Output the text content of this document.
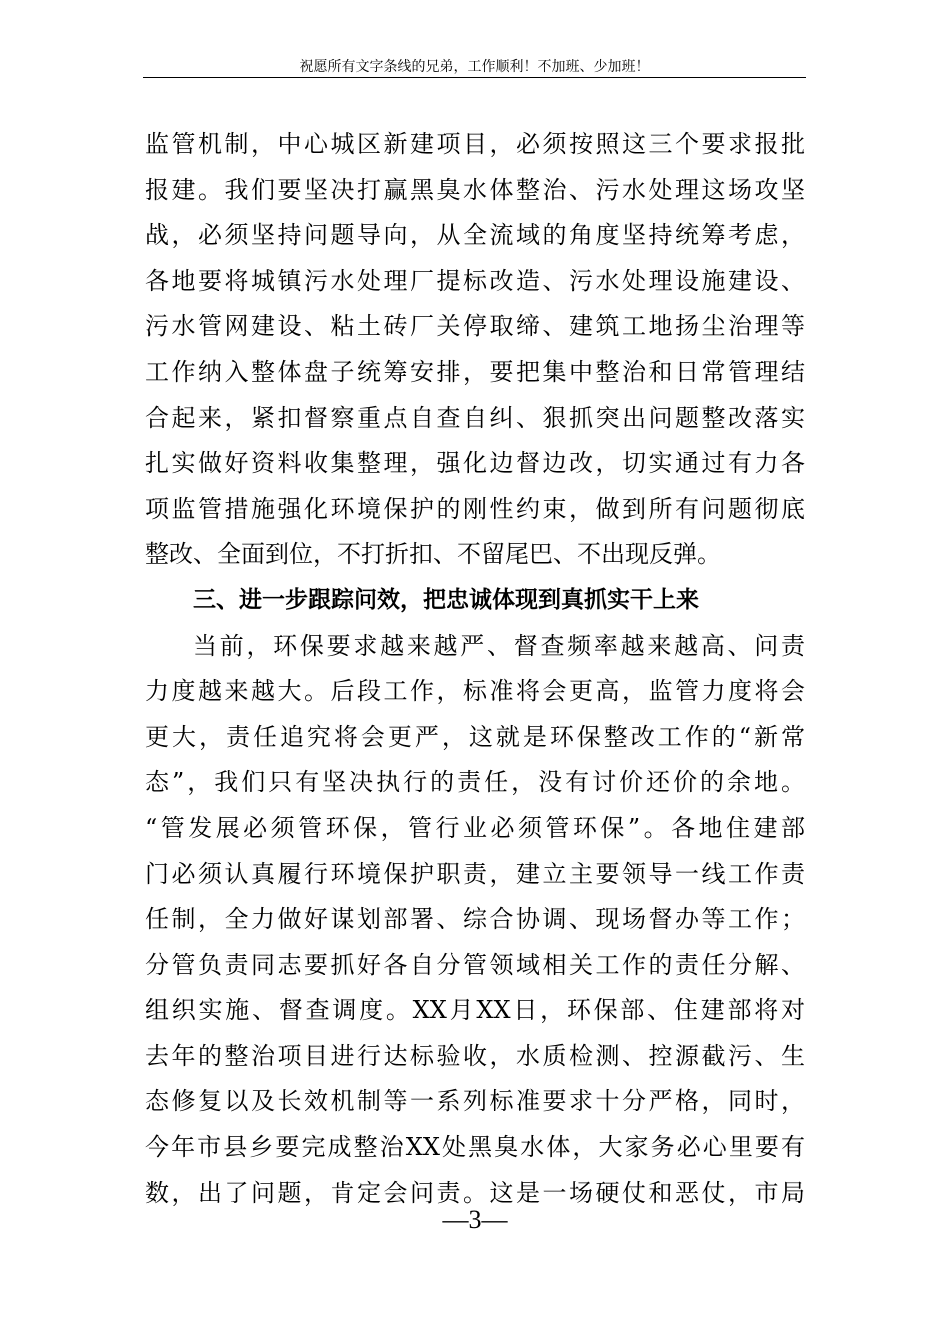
祝愿所有文字条线的兄弟，工作顺利！不加班、少加班！
监管机制，中心城区新建项目，必须按照这三个要求报批
报建。我们要坚决打赢黑臭水体整治、污水处理这场攻坚
战，必须坚持问题导向，从全流域的角度坚持统筹考虑，
各地要将城镇污水处理厂提标改造、污水处理设施建设、
污水管网建设、粘土砖厂关停取缔、建筑工地扬尘治理等
工作纳入整体盘子统筹安排，要把集中整治和日常管理结
合起来，紧扣督察重点自查自纠、狠抓突出问题整改落实
扎实做好资料收集整理，强化边督边改，切实通过有力各
项监管措施强化环境保护的刚性约束，做到所有问题彻底
整改、全面到位，不打折扣、不留尾巴、不出现反弹。
三、进一步跟踪问效，把忠诚体现到真抓实干上来
当前，环保要求越来越严、督查频率越来越高、问责
力度越来越大。后段工作，标准将会更高，监管力度将会
更大，责任追究将会更严，这就是环保整改工作的“新常
态”，我们只有坚决执行的责任，没有讨价还价的余地。
“管发展必须管环保，管行业必须管环保”。各地住建部
门必须认真履行环境保护职责，建立主要领导一线工作责
任制，全力做好谋划部署、综合协调、现场督办等工作；
分管负责同志要抓好各自分管领域相关工作的责任分解、
组织实施、督查调度。XX月XX日，环保部、住建部将对
去年的整治项目进行达标验收，水质检测、控源截污、生
态修复以及长效机制等一系列标准要求十分严格，同时，
今年市县乡要完成整治XX处黑臭水体，大家务必心里要有
数，出了问题，肯定会问责。这是一场硬仗和恶仗，市局
—3—
